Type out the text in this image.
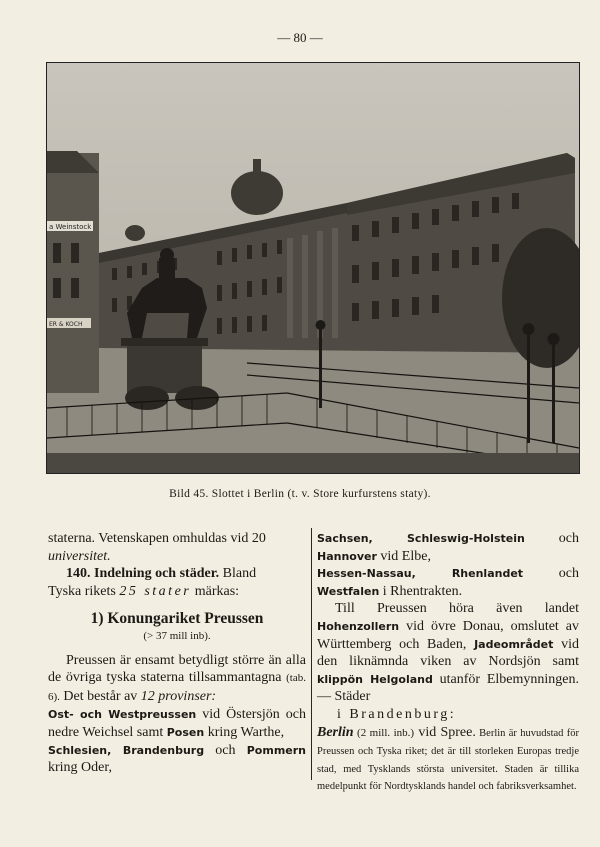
— 80 —
a Weinstock
ER & KOCH
Bild 45. Slottet i Berlin (t. v. Store kurfurstens staty).

staterna. Vetenskapen omhuldas vid 20
universitet.

140. Indelning och städer. Bland
Tyska rikets 25 stater märkas:

1) Konungariket Preussen

(> 37 mill inb).

Preussen är ensamt betydligt större än alla de övriga tyska staterna tillsammantagna (tab. 6). Det består av 12 provinser:

Ost- och Westpreussen vid Östersjön och nedre Weichsel samt Posen kring Warthe,

Schlesien, Brandenburg och Pommern kring Oder,

Sachsen, Schleswig-Holstein och Hannover vid Elbe,

Hessen-Nassau, Rhenlandet och Westfalen i Rhentrakten.

Till Preussen höra även landet Hohenzollern vid övre Donau, omslutet av Württemberg och Baden, Jadeområdet vid den liknämnda viken av Nordsjön samt klippön Helgoland utanför Elbemynningen. — Städer

i Brandenburg:

Berlin (2 mill. inb.) vid Spree. Berlin är huvudstad för Preussen och Tyska riket; det är till storleken Europas tredje stad, med Tysklands största universitet. Staden är tillika medelpunkt för Nordtysklands handel och fabriksverksamhet.
